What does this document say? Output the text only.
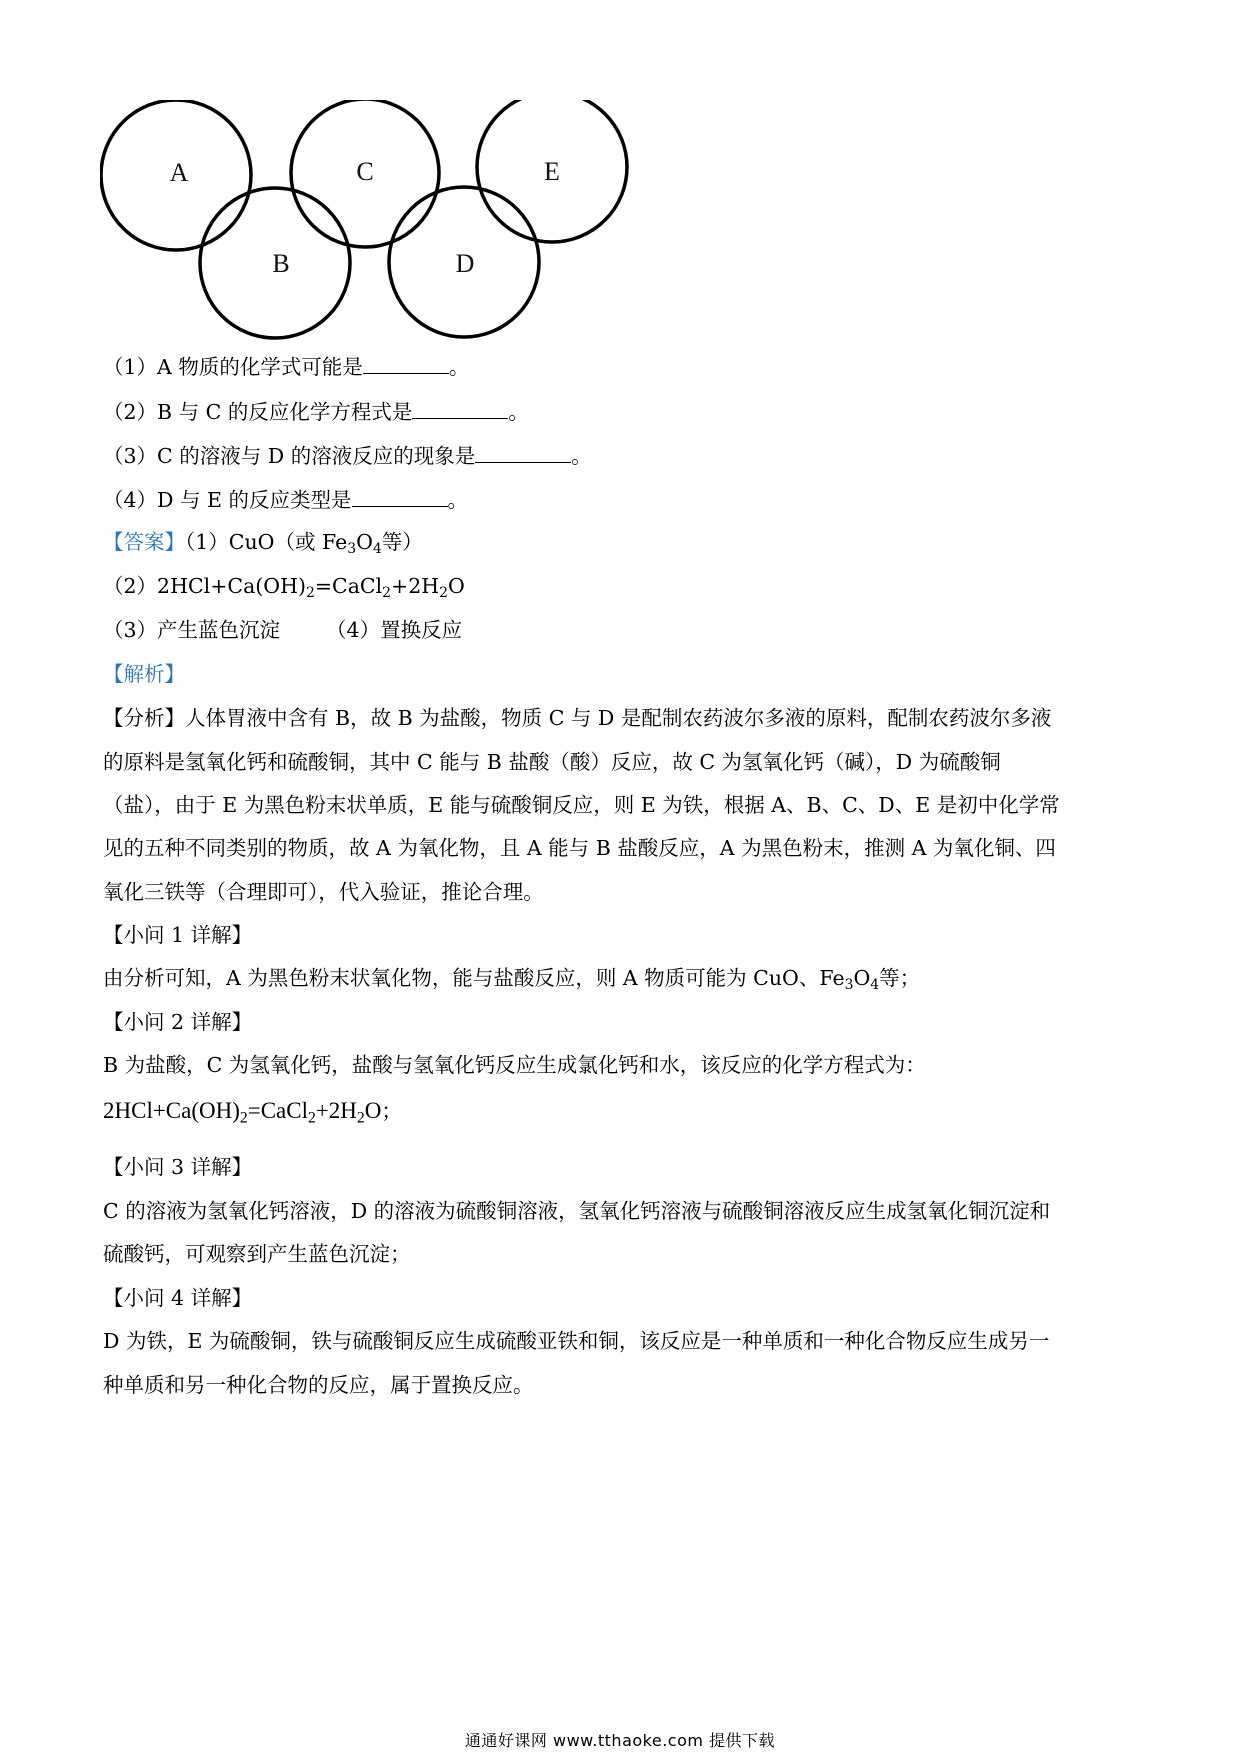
A
B
C
D
E
（1）A 物质的化学式可能是	。
（2）B 与 C 的反应化学方程式是	。
（3）C 的溶液与 D 的溶液反应的现象是	。
（4）D 与 E 的反应类型是	。
【答案】（1）CuO（或 $Fe_3O_4$等）
$(2)2HCl+Ca(OH)_2=CaCl_2+2H_2O$
（3）产生蓝色沉淀 （4）置换反应
【解析】
【分析】人体胃液中含有 B，故 B 为盐酸，物质 C 与 D 是配制农药波尔多液的原料，配制农药波尔多液
的原料是氢氧化钙和硫酸铜，其中 C 能与 B 盐酸（酸）反应，故 C 为氢氧化钙（碱），D 为硫酸铜
（盐），由于 E 为黑色粉末状单质，E 能与硫酸铜反应，则 E 为铁，根据 A、B、C、D、E 是初中化学常
见的五种不同类别的物质，故 A 为氧化物，且 A 能与 B 盐酸反应，A 为黑色粉末，推测 A 为氧化铜、四
氧化三铁等（合理即可），代入验证，推论合理。
【小问 1 详解】
由分析可知，A 为黑色粉末状氧化物，能与盐酸反应，则 A 物质可能为 CuO、$Fe_3O_4$等；
【小问 2 详解】
B 为盐酸，C 为氢氧化钙，盐酸与氢氧化钙反应生成氯化钙和水，该反应的化学方程式为：
$2HCl+Ca(OH)_2=CaCl_2+2H_2O$；
【小问 3 详解】
C 的溶液为氢氧化钙溶液，D 的溶液为硫酸铜溶液，氢氧化钙溶液与硫酸铜溶液反应生成氢氧化铜沉淀和
硫酸钙，可观察到产生蓝色沉淀；
【小问 4 详解】
D 为铁，E 为硫酸铜，铁与硫酸铜反应生成硫酸亚铁和铜，该反应是一种单质和一种化合物反应生成另一
种单质和另一种化合物的反应，属于置换反应。
通通好课网 www.tthaoke.com 提供下载
